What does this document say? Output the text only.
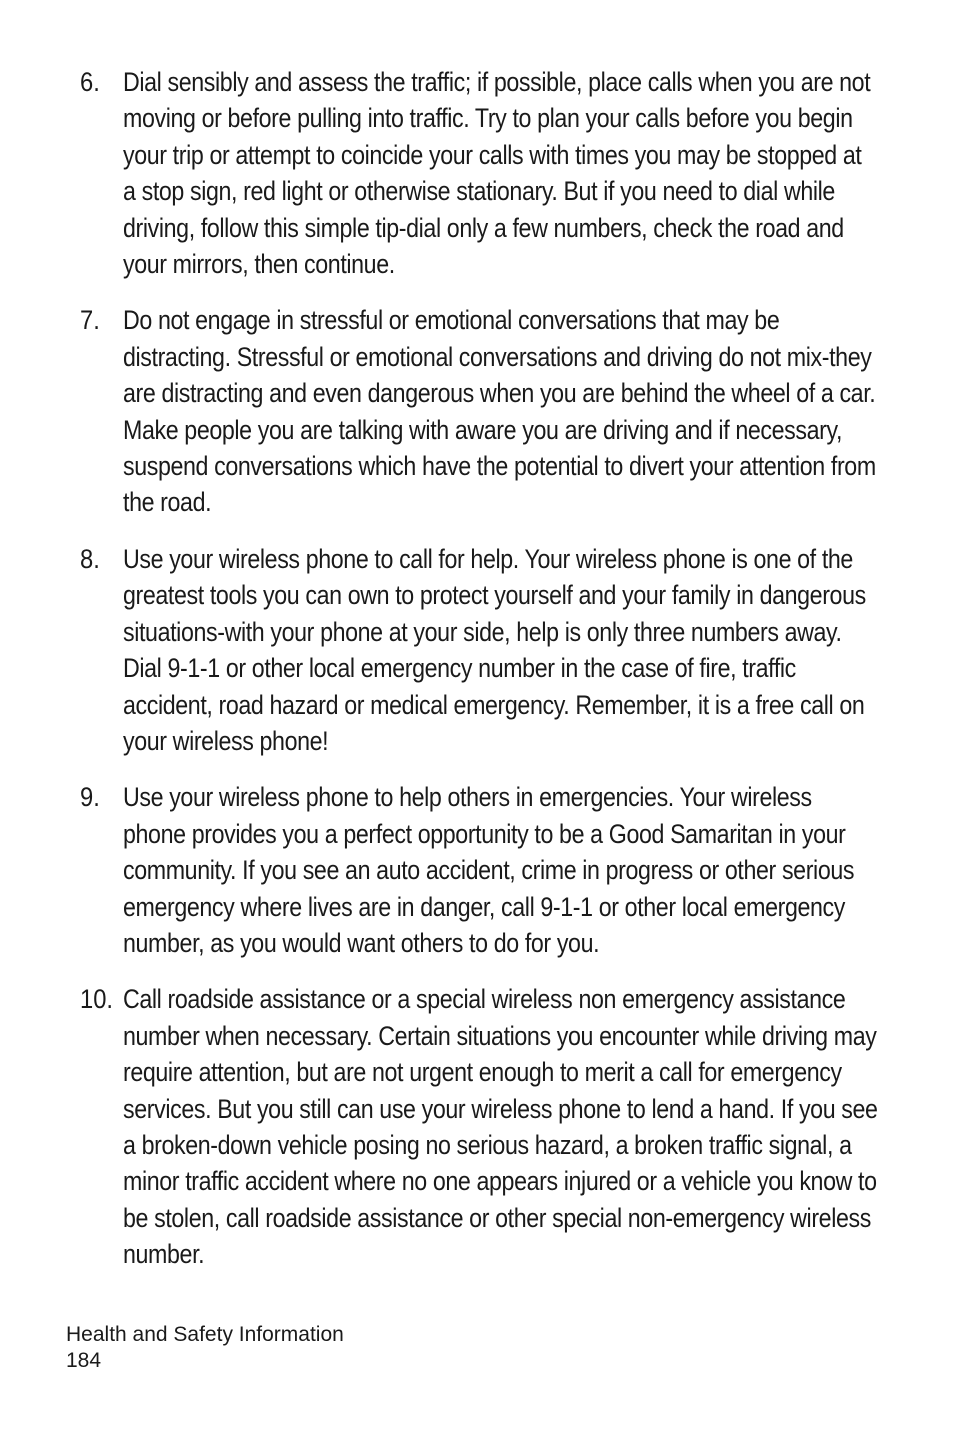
6. Dial sensibly and assess the traffic; if possible, place calls when you are not moving or before pulling into traffic. Try to plan your calls before you begin your trip or attempt to coincide your calls with times you may be stopped at a stop sign, red light or otherwise stationary. But if you need to dial while driving, follow this simple tip-dial only a few numbers, check the road and your mirrors, then continue.
7. Do not engage in stressful or emotional conversations that may be distracting. Stressful or emotional conversations and driving do not mix-they are distracting and even dangerous when you are behind the wheel of a car. Make people you are talking with aware you are driving and if necessary, suspend conversations which have the potential to divert your attention from the road.
8. Use your wireless phone to call for help. Your wireless phone is one of the greatest tools you can own to protect yourself and your family in dangerous situations-with your phone at your side, help is only three numbers away. Dial 9-1-1 or other local emergency number in the case of fire, traffic accident, road hazard or medical emergency. Remember, it is a free call on your wireless phone!
9. Use your wireless phone to help others in emergencies. Your wireless phone provides you a perfect opportunity to be a Good Samaritan in your community. If you see an auto accident, crime in progress or other serious emergency where lives are in danger, call 9-1-1 or other local emergency number, as you would want others to do for you.
10. Call roadside assistance or a special wireless non emergency assistance number when necessary. Certain situations you encounter while driving may require attention, but are not urgent enough to merit a call for emergency services. But you still can use your wireless phone to lend a hand. If you see a broken-down vehicle posing no serious hazard, a broken traffic signal, a minor traffic accident where no one appears injured or a vehicle you know to be stolen, call roadside assistance or other special non-emergency wireless number.
Health and Safety Information
184
